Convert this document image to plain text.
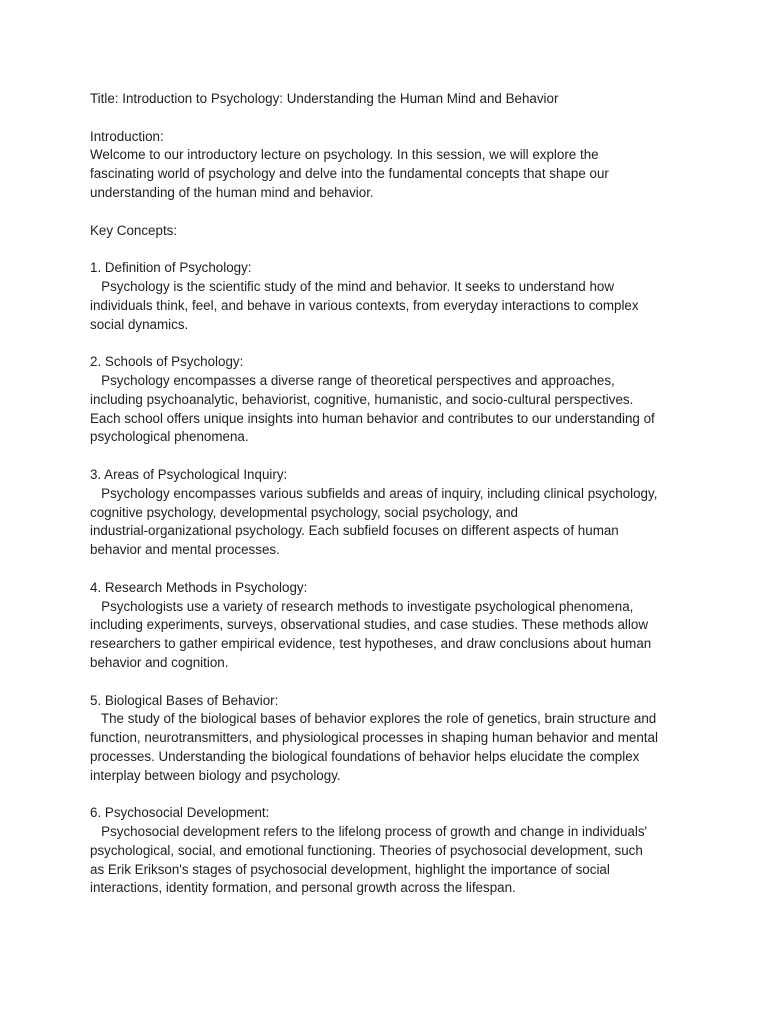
Title: Introduction to Psychology: Understanding the Human Mind and Behavior
Introduction:
Welcome to our introductory lecture on psychology. In this session, we will explore the
fascinating world of psychology and delve into the fundamental concepts that shape our
understanding of the human mind and behavior.
Key Concepts:
1. Definition of Psychology:
Psychology is the scientific study of the mind and behavior. It seeks to understand how
individuals think, feel, and behave in various contexts, from everyday interactions to complex
social dynamics.
2. Schools of Psychology:
Psychology encompasses a diverse range of theoretical perspectives and approaches,
including psychoanalytic, behaviorist, cognitive, humanistic, and socio-cultural perspectives.
Each school offers unique insights into human behavior and contributes to our understanding of
psychological phenomena.
3. Areas of Psychological Inquiry:
Psychology encompasses various subfields and areas of inquiry, including clinical psychology,
cognitive psychology, developmental psychology, social psychology, and
industrial-organizational psychology. Each subfield focuses on different aspects of human
behavior and mental processes.
4. Research Methods in Psychology:
Psychologists use a variety of research methods to investigate psychological phenomena,
including experiments, surveys, observational studies, and case studies. These methods allow
researchers to gather empirical evidence, test hypotheses, and draw conclusions about human
behavior and cognition.
5. Biological Bases of Behavior:
The study of the biological bases of behavior explores the role of genetics, brain structure and
function, neurotransmitters, and physiological processes in shaping human behavior and mental
processes. Understanding the biological foundations of behavior helps elucidate the complex
interplay between biology and psychology.
6. Psychosocial Development:
Psychosocial development refers to the lifelong process of growth and change in individuals'
psychological, social, and emotional functioning. Theories of psychosocial development, such
as Erik Erikson's stages of psychosocial development, highlight the importance of social
interactions, identity formation, and personal growth across the lifespan.
